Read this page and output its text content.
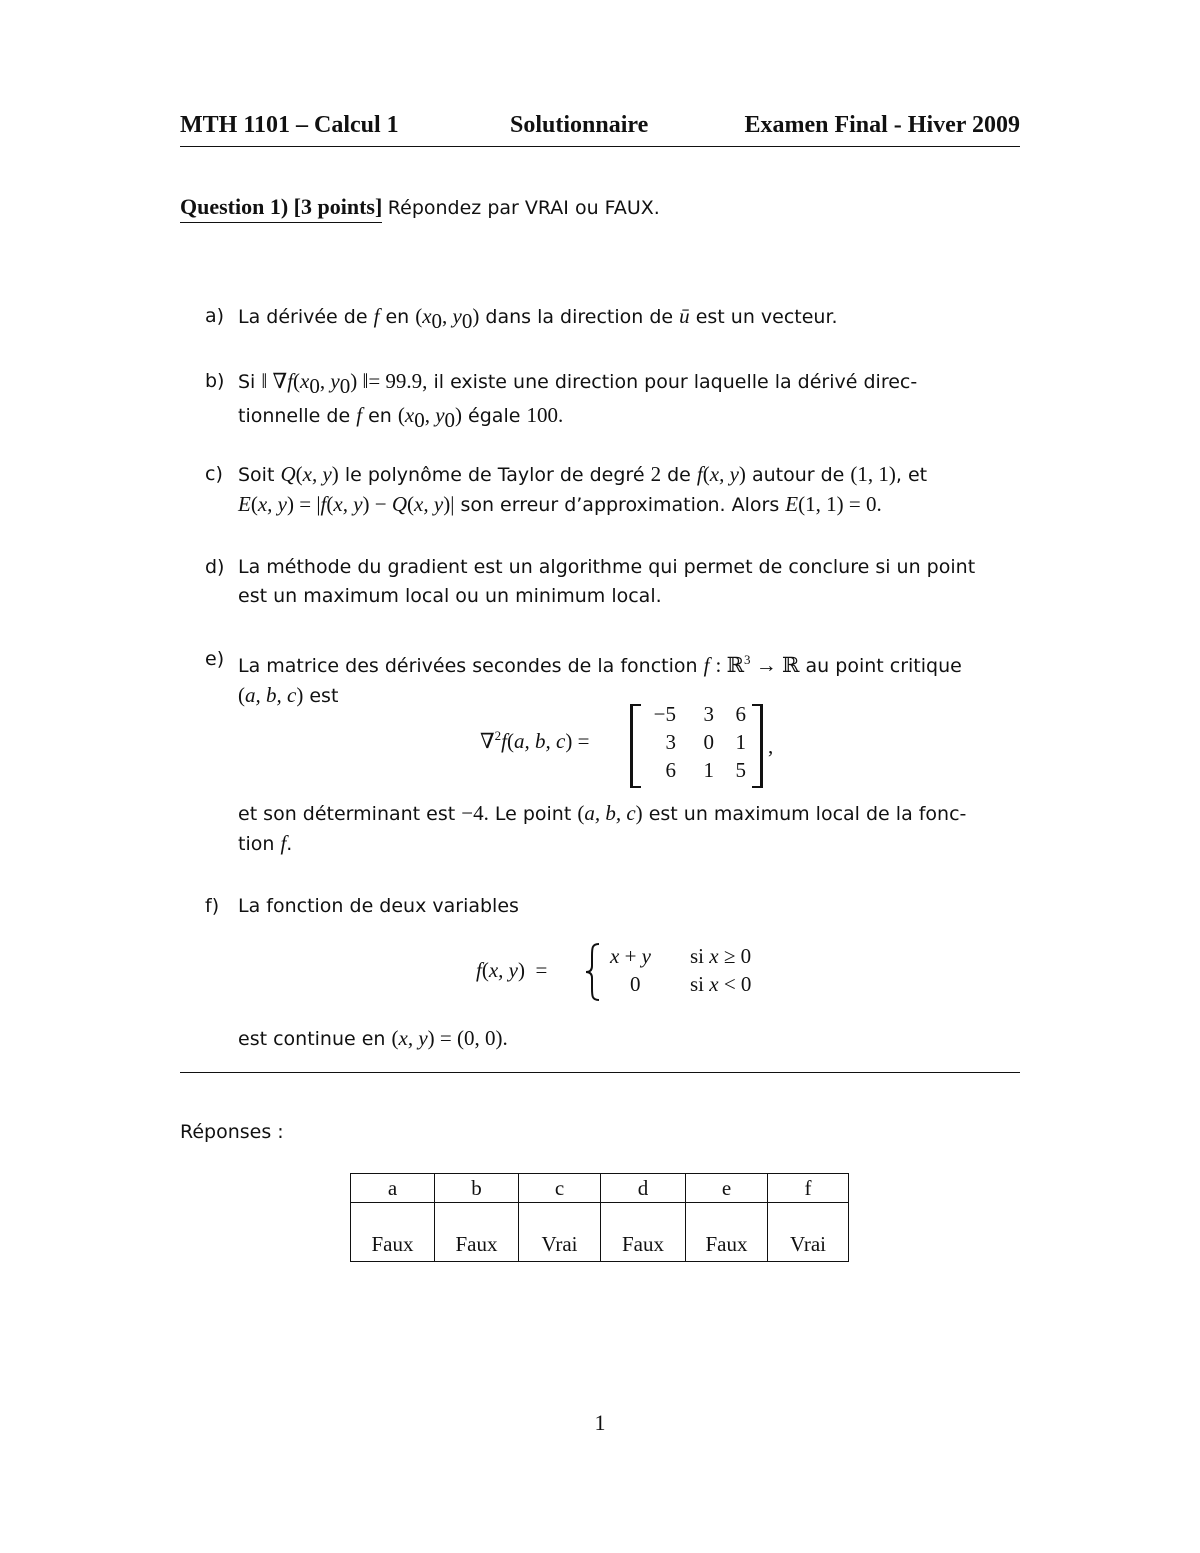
MTH 1101 – Calcul 1	Solutionnaire	Examen Final - Hiver 2009
Question 1) [3 points] Répondez par VRAI ou FAUX.
a) La dérivée de f en ($x_0$, $y_0$) dans la direction de ū est un vecteur.
b) Si ‖ $\nabla f(x_0$, $y_0$) ‖= 99.9, il existe une direction pour laquelle la dérivé direc-
tionnelle de f en ($x_0$, $y_0$) égale 100.
c) Soit Q(x, y) le polynôme de Taylor de degré 2 de f(x, y) autour de (1, 1), et
E(x, y) = |f(x, y) − Q(x, y)| son erreur d’approximation. Alors E(1, 1) = 0.
d) La méthode du gradient est un algorithme qui permet de conclure si un point
est un maximum local ou un minimum local.
e) La matrice des dérivées secondes de la fonction f : ℝ$^3$ → ℝ au point critique
(a, b, c) est
∇$^2$f(a, b, c) =
−5	3	6
3	0	1
6	1	5
,
et son déterminant est −4. Le point (a, b, c) est un maximum local de la fonc-
tion f.
f) La fonction de deux variables
f(x, y)  =
x + y si x ≥ 0
0 si x < 0
est continue en (x, y) = (0, 0).
Réponses :
a	b	c	d	e	f
Faux	Faux	Vrai	Faux	Faux	Vrai
1
